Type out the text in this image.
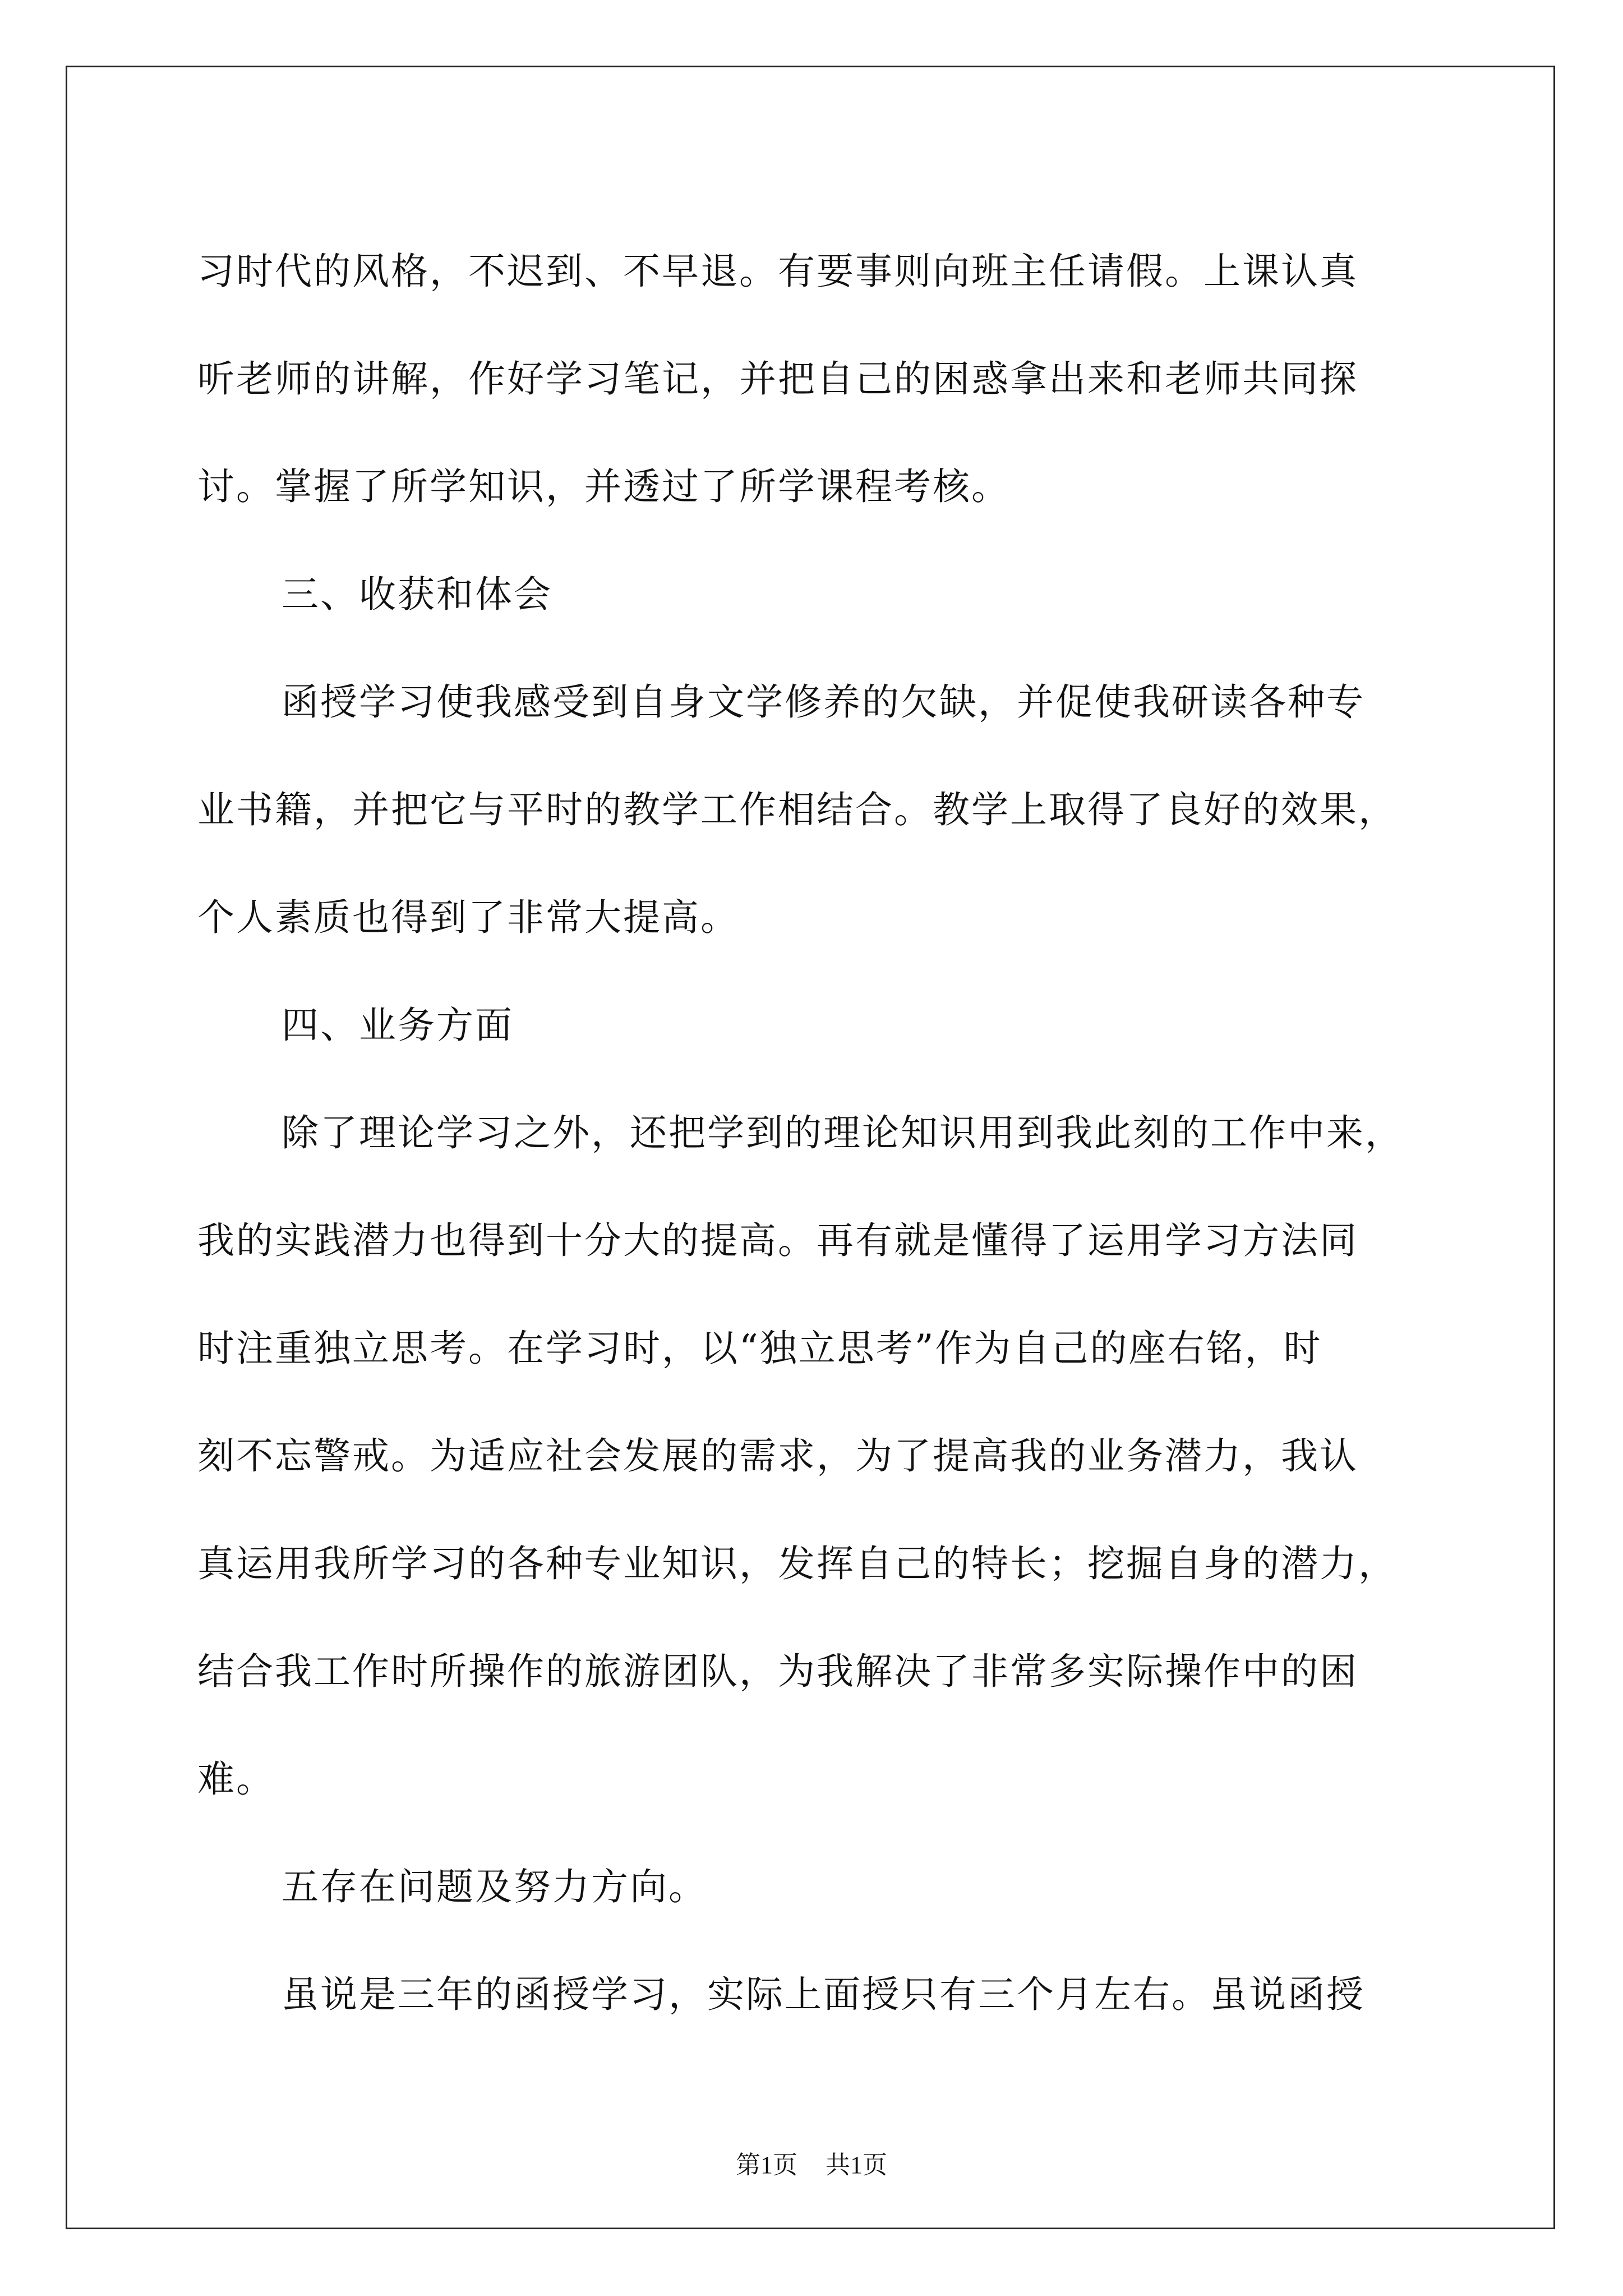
习时代的风格，不迟到、不早退。有要事则向班主任请假。上课认真
听老师的讲解，作好学习笔记，并把自己的困惑拿出来和老师共同探
讨。掌握了所学知识，并透过了所学课程考核。
三、收获和体会
函授学习使我感受到自身文学修养的欠缺，并促使我研读各种专
业书籍，并把它与平时的教学工作相结合。教学上取得了良好的效果，
个人素质也得到了非常大提高。
四、业务方面
除了理论学习之外，还把学到的理论知识用到我此刻的工作中来，
我的实践潜力也得到十分大的提高。再有就是懂得了运用学习方法同
时注重独立思考。在学习时，以“独立思考”作为自己的座右铭，时
刻不忘警戒。为适应社会发展的需求，为了提高我的业务潜力，我认
真运用我所学习的各种专业知识，发挥自己的特长；挖掘自身的潜力，
结合我工作时所操作的旅游团队，为我解决了非常多实际操作中的困
难。
五存在问题及努力方向。
虽说是三年的函授学习，实际上面授只有三个月左右。虽说函授
第1页 共1页
